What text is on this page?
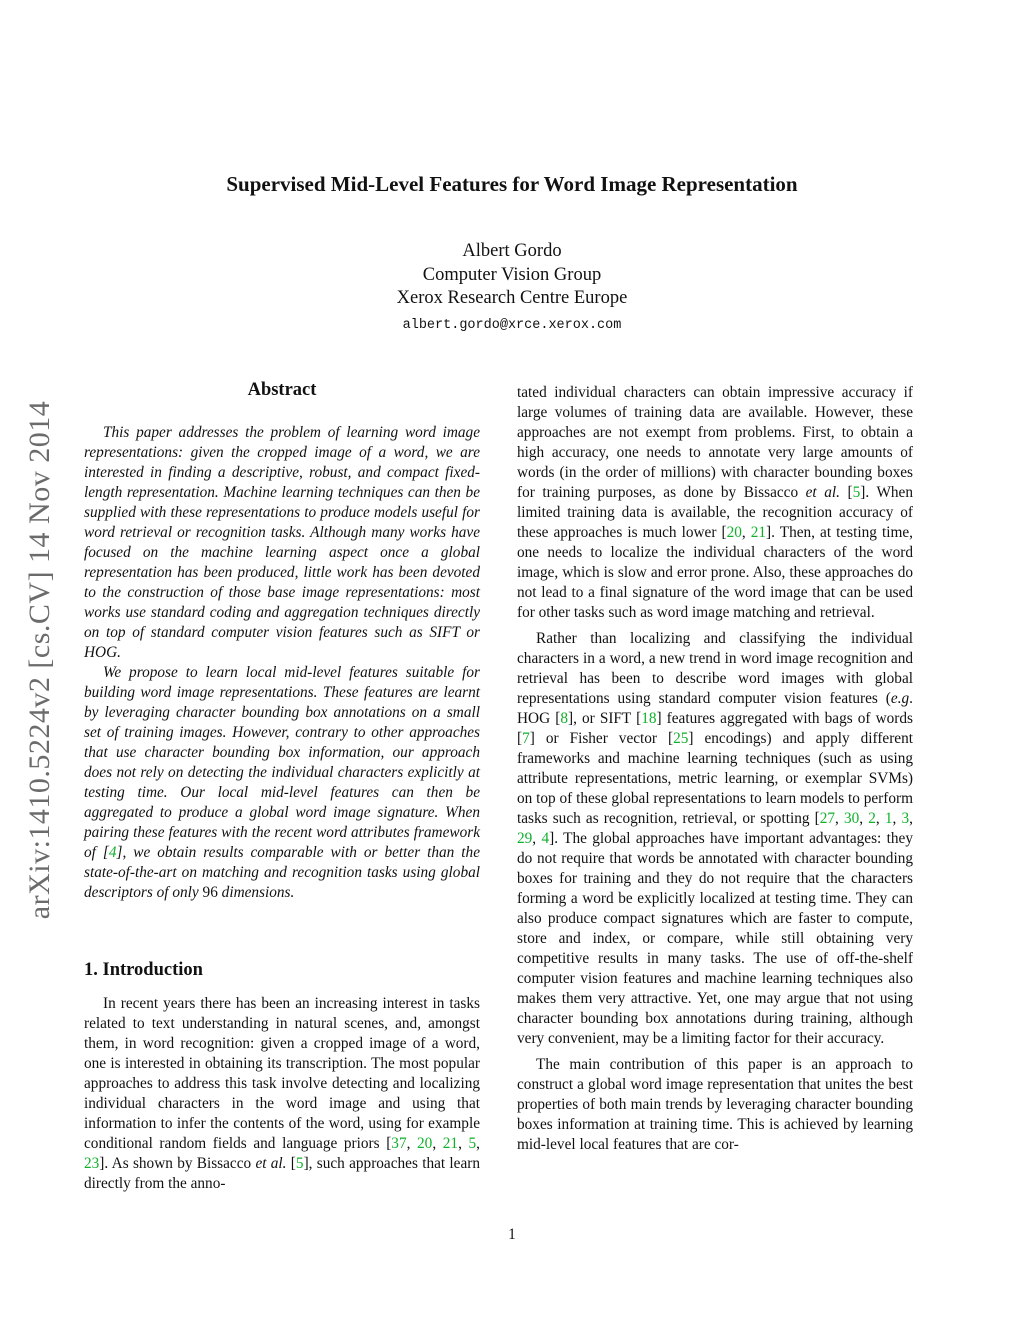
arXiv:1410.5224v2 [cs.CV] 14 Nov 2014
Supervised Mid-Level Features for Word Image Representation
Albert Gordo
Computer Vision Group
Xerox Research Centre Europe
albert.gordo@xrce.xerox.com
Abstract

This paper addresses the problem of learning word image representations: given the cropped image of a word, we are interested in finding a descriptive, robust, and compact fixed-length representation. Machine learning techniques can then be supplied with these representations to produce models useful for word retrieval or recognition tasks. Although many works have focused on the machine learning aspect once a global representation has been produced, little work has been devoted to the construction of those base image representations: most works use standard coding and aggregation techniques directly on top of standard computer vision features such as SIFT or HOG.

We propose to learn local mid-level features suitable for building word image representations. These features are learnt by leveraging character bounding box annotations on a small set of training images. However, contrary to other approaches that use character bounding box information, our approach does not rely on detecting the individual characters explicitly at testing time. Our local mid-level features can then be aggregated to produce a global word image signature. When pairing these features with the recent word attributes framework of [4], we obtain results comparable with or better than the state-of-the-art on matching and recognition tasks using global descriptors of only 96 dimensions.

1. Introduction

In recent years there has been an increasing interest in tasks related to text understanding in natural scenes, and, amongst them, in word recognition: given a cropped image of a word, one is interested in obtaining its transcription. The most popular approaches to address this task involve detecting and localizing individual characters in the word image and using that information to infer the contents of the word, using for example conditional random fields and language priors [37, 20, 21, 5, 23]. As shown by Bissacco et al. [5], such approaches that learn directly from the anno-

tated individual characters can obtain impressive accuracy if large volumes of training data are available. However, these approaches are not exempt from problems. First, to obtain a high accuracy, one needs to annotate very large amounts of words (in the order of millions) with character bounding boxes for training purposes, as done by Bissacco et al. [5]. When limited training data is available, the recognition accuracy of these approaches is much lower [20, 21]. Then, at testing time, one needs to localize the individual characters of the word image, which is slow and error prone. Also, these approaches do not lead to a final signature of the word image that can be used for other tasks such as word image matching and retrieval.

Rather than localizing and classifying the individual characters in a word, a new trend in word image recognition and retrieval has been to describe word images with global representations using standard computer vision features (e.g. HOG [8], or SIFT [18] features aggregated with bags of words [7] or Fisher vector [25] encodings) and apply different frameworks and machine learning techniques (such as using attribute representations, metric learning, or exemplar SVMs) on top of these global representations to learn models to perform tasks such as recognition, retrieval, or spotting [27, 30, 2, 1, 3, 29, 4]. The global approaches have important advantages: they do not require that words be annotated with character bounding boxes for training and they do not require that the characters forming a word be explicitly localized at testing time. They can also produce compact signatures which are faster to compute, store and index, or compare, while still obtaining very competitive results in many tasks. The use of off-the-shelf computer vision features and machine learning techniques also makes them very attractive. Yet, one may argue that not using character bounding box annotations during training, although very convenient, may be a limiting factor for their accuracy.

The main contribution of this paper is an approach to construct a global word image representation that unites the best properties of both main trends by leveraging character bounding boxes information at training time. This is achieved by learning mid-level local features that are cor-

1
